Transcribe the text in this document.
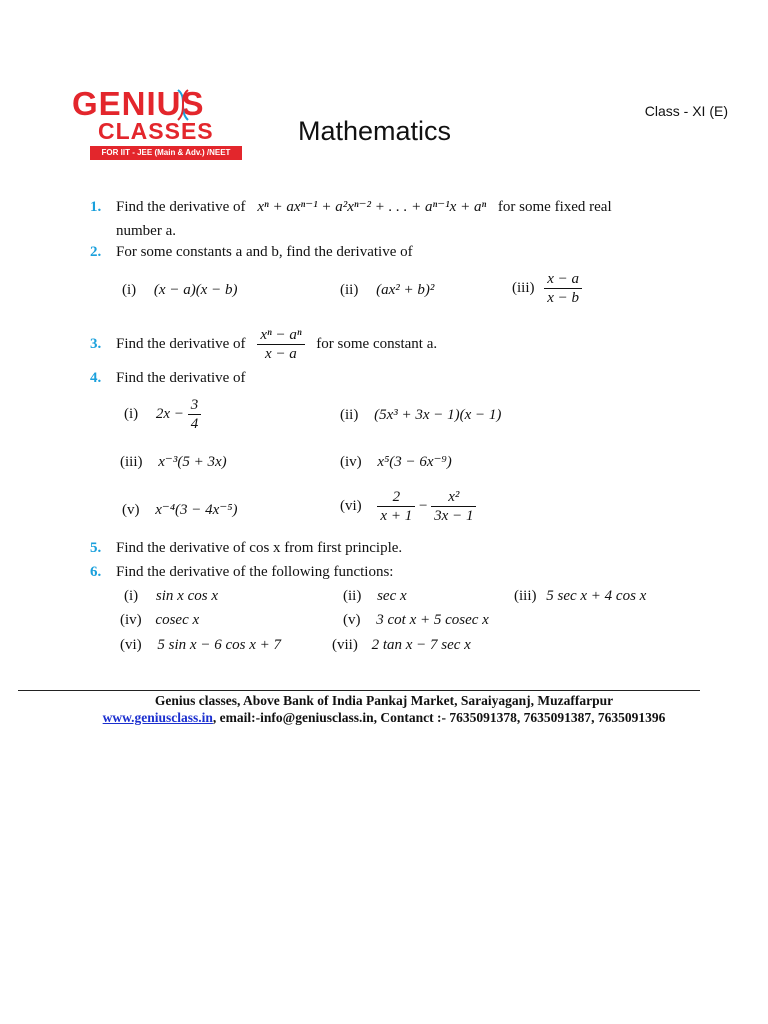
GENIUS
CLASSES
FOR IIT - JEE (Main & Adv.) /NEET
Class - XI (E)
Mathematics
1. Find the derivative of xⁿ + axⁿ⁻¹ + a²xⁿ⁻² + . . . + aⁿ⁻¹x + aⁿ for some fixed real
number a.
2. For some constants a and b, find the derivative of
(i) (x − a)(x − b)	(ii) (ax² + b)²	$(iii) \frac{x - a}{x - b}$
3. Find the derivative of $\frac{\text{xⁿ − aⁿ}}{x - a}$ for some constant a.
4. Find the derivative of
(i) $2x - \frac{3}{4}$	(ii) (5x³ + 3x − 1)(x − 1)
(iii) x⁻³(5 + 3x)	(iv) x⁵(3 − 6x⁻⁹)
(v) x⁻⁴(3 − 4x⁻⁵)	$(vi) \frac{2}{x + 1} - \frac{\text{x²}}{3x - 1}$
5. Find the derivative of cos x from first principle.
6. Find the derivative of the following functions:
(i) sin x cos x	(ii) sec x	(iii) 5 sec x + 4 cos x
(iv) cosec x	(v) 3 cot x + 5 cosec x
(vi) 5 sin x − 6 cos x + 7	(vii) 2 tan x − 7 sec x
Genius classes, Above Bank of India Pankaj Market, Saraiyaganj, Muzaffarpur
www.geniusclass.in, email:-info@geniusclass.in, Contanct :- 7635091378, 7635091387, 7635091396
